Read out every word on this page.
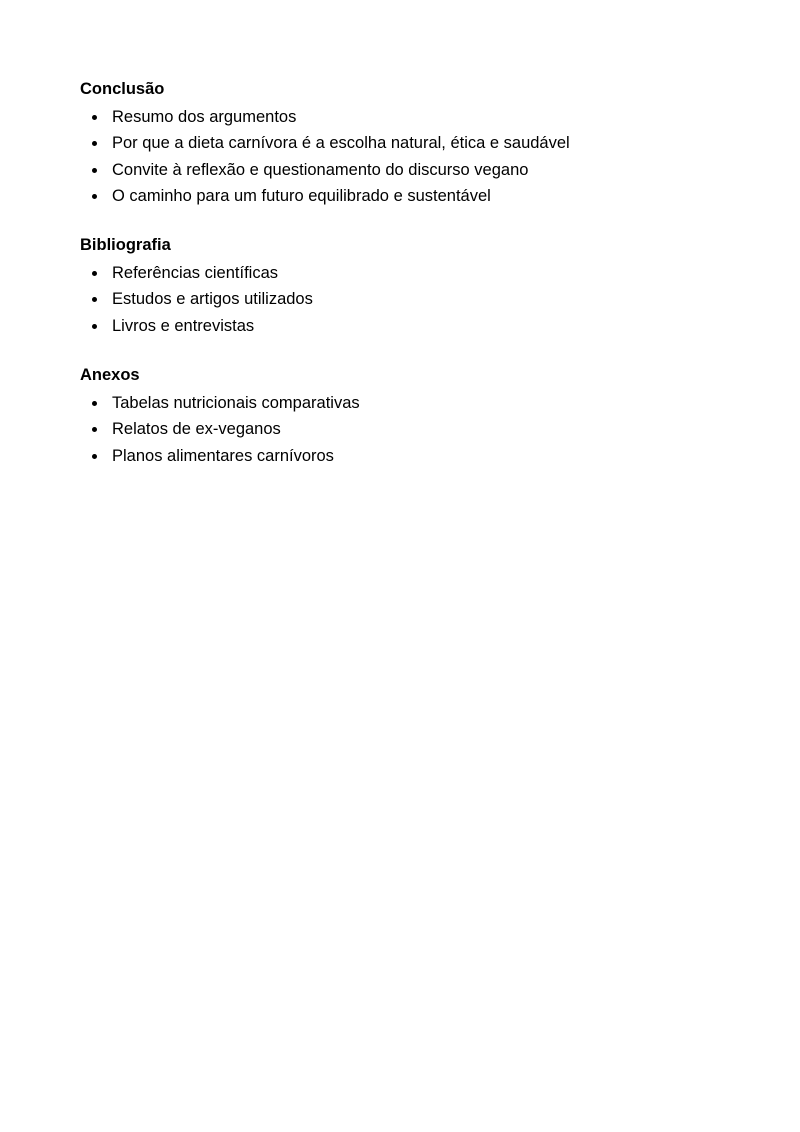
Conclusão
Resumo dos argumentos
Por que a dieta carnívora é a escolha natural, ética e saudável
Convite à reflexão e questionamento do discurso vegano
O caminho para um futuro equilibrado e sustentável
Bibliografia
Referências científicas
Estudos e artigos utilizados
Livros e entrevistas
Anexos
Tabelas nutricionais comparativas
Relatos de ex-veganos
Planos alimentares carnívoros
